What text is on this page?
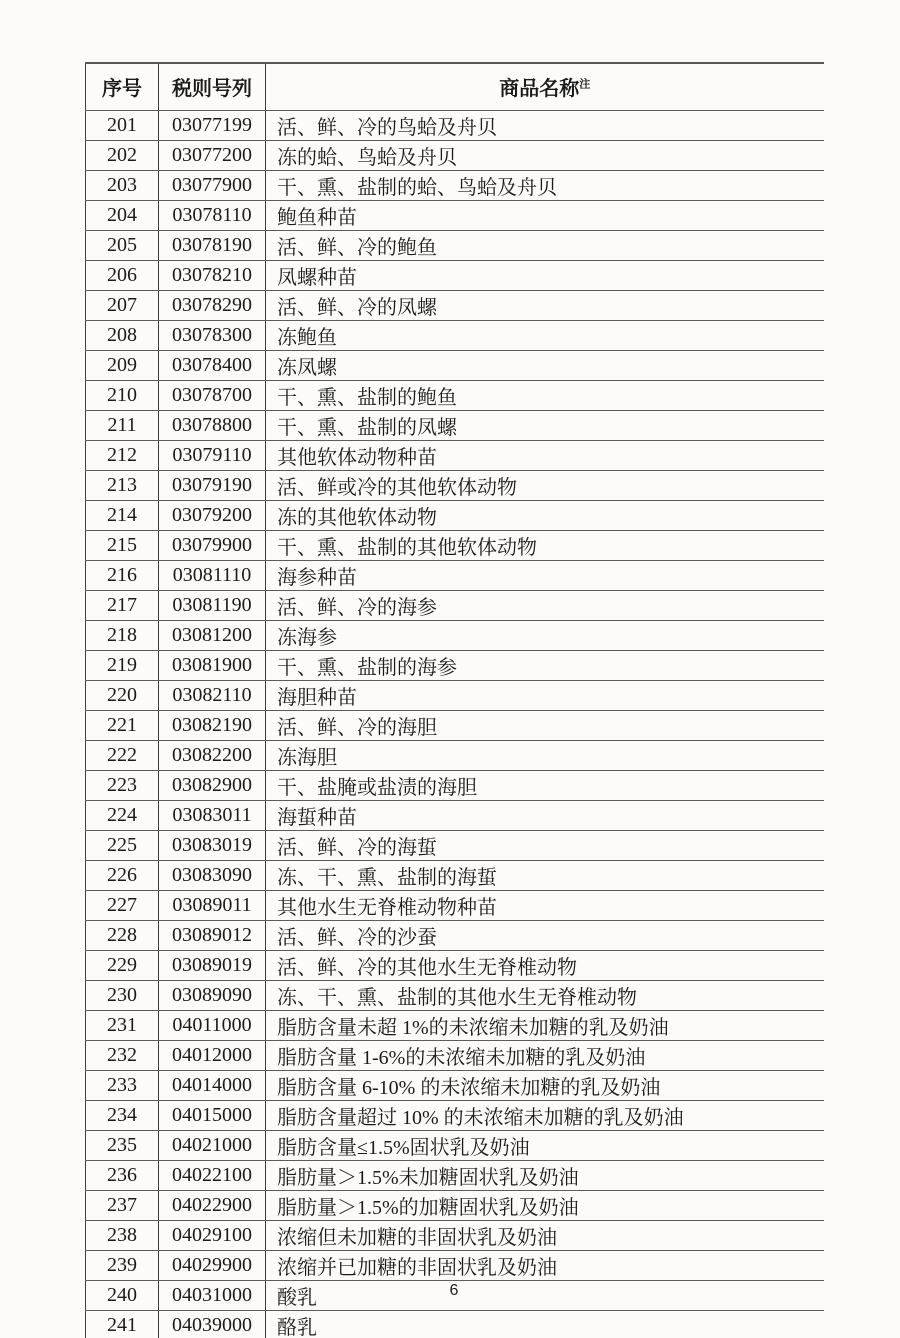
序号	税则号列	商品名称$^注$
201	03077199	活、鲜、冷的鸟蛤及舟贝
202	03077200	冻的蛤、鸟蛤及舟贝
203	03077900	干、熏、盐制的蛤、鸟蛤及舟贝
204	03078110	鲍鱼种苗
205	03078190	活、鲜、冷的鲍鱼
206	03078210	凤螺种苗
207	03078290	活、鲜、冷的凤螺
208	03078300	冻鲍鱼
209	03078400	冻凤螺
210	03078700	干、熏、盐制的鲍鱼
211	03078800	干、熏、盐制的凤螺
212	03079110	其他软体动物种苗
213	03079190	活、鲜或冷的其他软体动物
214	03079200	冻的其他软体动物
215	03079900	干、熏、盐制的其他软体动物
216	03081110	海参种苗
217	03081190	活、鲜、冷的海参
218	03081200	冻海参
219	03081900	干、熏、盐制的海参
220	03082110	海胆种苗
221	03082190	活、鲜、冷的海胆
222	03082200	冻海胆
223	03082900	干、盐腌或盐渍的海胆
224	03083011	海蜇种苗
225	03083019	活、鲜、冷的海蜇
226	03083090	冻、干、熏、盐制的海蜇
227	03089011	其他水生无脊椎动物种苗
228	03089012	活、鲜、冷的沙蚕
229	03089019	活、鲜、冷的其他水生无脊椎动物
230	03089090	冻、干、熏、盐制的其他水生无脊椎动物
231	04011000	脂肪含量未超 1%的未浓缩未加糖的乳及奶油
232	04012000	脂肪含量 1-6%的未浓缩未加糖的乳及奶油
233	04014000	脂肪含量 6-10% 的未浓缩未加糖的乳及奶油
234	04015000	脂肪含量超过 10% 的未浓缩未加糖的乳及奶油
235	04021000	脂肪含量≤1.5%固状乳及奶油
236	04022100	脂肪量＞1.5%未加糖固状乳及奶油
237	04022900	脂肪量＞1.5%的加糖固状乳及奶油
238	04029100	浓缩但未加糖的非固状乳及奶油
239	04029900	浓缩并已加糖的非固状乳及奶油
240	04031000	酸乳
241	04039000	酪乳
6
